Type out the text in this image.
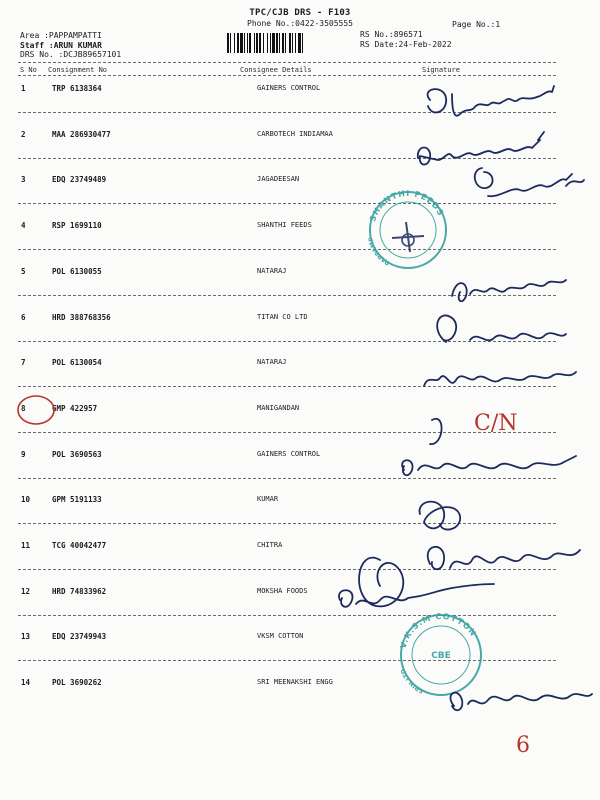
TPC/CJB DRS - F103
Phone No.:0422-3505555	Page No.:1
Area :PAPPAMPATTI
Staff :ARUN KUMAR
DRS No. :DCJB89657101
RS No.:896571
RS Date:24-Feb-2022
S No Consignment No	Consignee Details	Signature
1	TRP 6138364	GAINERS CONTROL
2	MAA 286930477	CARBOTECH INDIAMAA
3	EDQ 23749489	JAGADEESAN
4	RSP 1699110	SHANTHI FEEDS
5	POL 6130055	NATARAJ
6	HRD 388768356	TITAN CO LTD
7	POL 6130054	NATARAJ
8	GMP 422957	MANIGANDAN
9	POL 3690563	GAINERS CONTROL
10	GPM 5191133	KUMAR
11	TCG 40042477	CHITRA
12	HRD 74833962	MOKSHA FOODS
13	EDQ 23749943	VKSM COTTON
14	POL 3690262	SRI MEENAKSHI ENGG
SHANTHI FEEDS
PAPPAMP
V.K.S.M COTTON
SPIN LTD
CBE
C/N
6
